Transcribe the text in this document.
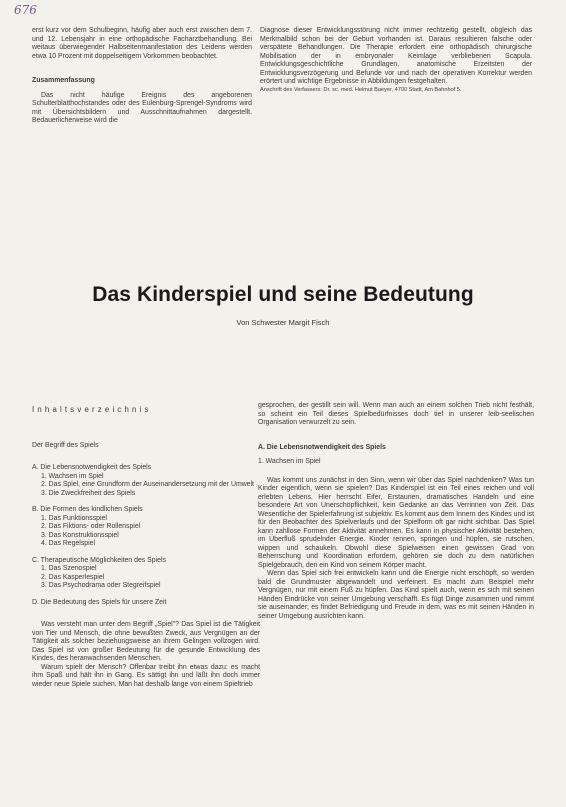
676

erst kurz vor dem Schulbeginn, häufig aber auch erst zwischen dem 7. und 12. Lebensjahr in eine orthopädische Facharztbehandlung. Bei weitaus überwiegender Halbseitenmanifestation des Leidens werden etwa 10 Prozent mit doppelseitigem Vorkommen beobachtet.

Zusammenfassung

Das nicht häufige Ereignis des angeborenen Schulterblatthochstandes oder des Eulenburg-Sprengel-Syndroms wird mit Übersichtsbildern und Ausschnittaufnahmen dargestellt. Bedauerlicherweise wird die

Diagnose dieser Entwicklungsstörung nicht immer rechtzeitig gestellt, obgleich das Merkmalbild schon bei der Geburt vorhanden ist. Daraus resultieren falsche oder verspätete Behandlungen. Die Therapie erfordert eine orthopädisch chirurgische Mobilisation der in embryonaler Keimlage verbliebenen Scapula. Entwicklungsgeschichtliche Grundlagen, anatomische Erzeitsten der Entwicklungsverzögerung und Befunde vor und nach der operativen Korrektur werden erörtert und wichtige Ergebnisse in Abbildungen festgehalten.

Anschrift des Verfassers: Dr. sc. med. Helmut Baeyer, 4700 Stadt, Am Bahnhof 5.

Das Kinderspiel und seine Bedeutung
Von Schwester Margit Fisch
Inhaltsverzeichnis
Der Begriff des Spiels
A. Die Lebensnotwendigkeit des Spiels
1. Wachsen im Spiel
2. Das Spiel, eine Grundform der Auseinandersetzung mit der Umwelt
3. Die Zweckfreiheit des Spiels
B. Die Formen des kindlichen Spiels
1. Das Funktionsspiel
2. Das Fiktions- oder Rollenspiel
3. Das Konstruktionsspiel
4. Das Regelspiel
C. Therapeutische Möglichkeiten des Spiels
1. Das Szenospiel
2. Das Kasperlespiel
3. Das Psychodrama oder Stegreifspiel
D. Die Bedeutung des Spiels für unsere Zeit

Was versteht man unter dem Begriff „Spiel"? Das Spiel ist die Tätigkeit von Tier und Mensch, die ohne bewußten Zweck, aus Vergnügen an der Tätigkeit als solcher beziehungsweise an ihrem Gelingen vollzogen wird. Das Spiel ist von großer Bedeutung für die gesunde Entwicklung des Kindes, des heranwachsenden Menschen.

Warum spielt der Mensch? Offenbar treibt ihn etwas dazu: es macht ihm Spaß und hält ihn in Gang. Es sättigt ihn und läßt ihn doch immer wieder neue Spiele suchen. Man hat deshalb lange von einem Spieltrieb

gesprochen, der gestillt sein will. Wenn man auch an einem solchen Trieb nicht festhält, so scheint ein Teil dieses Spielbedürfnisses doch tief in unserer leib-seelischen Organisation verwurzelt zu sein.

A. Die Lebensnotwendigkeit des Spiels

1. Wachsen im Spiel

Was kommt uns zunächst in den Sinn, wenn wir über das Spiel nachdenken? Was tun Kinder eigentlich, wenn sie spielen? Das Kinderspiel ist ein Teil eines reichen und voll erlebten Lebens. Hier herrscht Eifer, Erstaunen, dramatisches Handeln und eine besondere Art von Unerschöpflichkeit, kein Gedanke an das Verrinnen von Zeit. Das Wesentliche der Spielerfahrung ist subjektiv. Es kommt aus dem Innern des Kindes und ist für den Beobachter des Spielverlaufs und der Spielform oft gar nicht sichtbar. Das Spiel kann zahllose Formen der Aktivität annehmen. Es kann in physischer Aktivität bestehen, im Überfluß sprudelnder Energie. Kinder rennen, springen und hüpfen, sie rutschen, wippen und schaukeln. Obwohl diese Spielweisen einen gewissen Grad von Beherrschung und Koordination erfordern, gehören sie doch zu dem natürlichen Spielgebrauch, den ein Kind von seinem Körper macht.

Wenn das Spiel sich frei entwickeln kann und die Energie nicht erschöpft, so werden bald die Grundmuster abgewandelt und verfeinert. Es macht zum Beispiel mehr Vergnügen, nur mit einem Fuß zu hüpfen. Das Kind spielt auch, wenn es sich mit seinen Händen Eindrücke von seiner Umgebung verschafft. Es fügt Dinge zusammen und nimmt sie auseinander; es findet Befriedigung und Freude in dem, was es mit seinen Händen in seiner Umgebung ausrichten kann.
